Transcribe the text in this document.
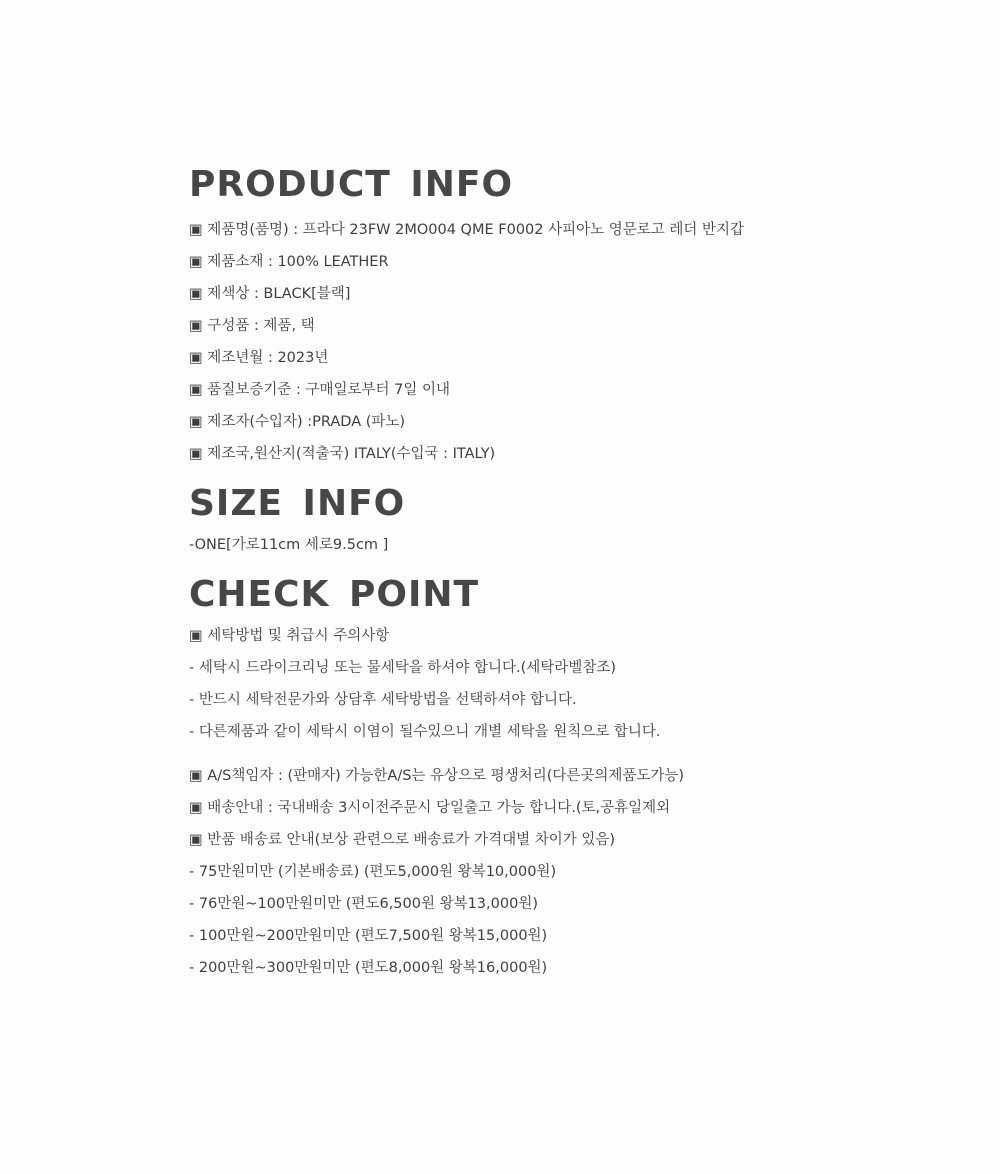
PRODUCT INFO
▣ 제품명(품명) : 프라다 23FW 2MO004 QME F0002 사피아노 영문로고 레더 반지갑
▣ 제품소재 : 100% LEATHER
▣ 제색상 : BLACK[블랙]
▣ 구성품 : 제품, 택
▣ 제조년월 : 2023년
▣ 품질보증기준 : 구매일로부터 7일 이내
▣ 제조자(수입자) :PRADA (파노)
▣ 제조국,원산지(적출국) ITALY(수입국 : ITALY)
SIZE INFO
-ONE[가로11cm 세로9.5cm ]
CHECK POINT
▣ 세탁방법 및 취급시 주의사항
- 세탁시 드라이크리닝 또는 물세탁을 하셔야 합니다.(세탁라벨참조)
- 반드시 세탁전문가와 상담후 세탁방법을 선택하셔야 합니다.
- 다른제품과 같이 세탁시 이염이 될수있으니 개별 세탁을 원칙으로 합니다.
▣ A/S책임자 : (판매자) 가능한A/S는 유상으로 평생처리(다른곳의제품도가능)
▣ 배송안내 : 국내배송 3시이전주문시 당일출고 가능 합니다.(토,공휴일제외
▣ 반품 배송료 안내(보상 관련으로 배송료가 가격대별 차이가 있음)
- 75만원미만 (기본배송료) (편도5,000원 왕복10,000원)
- 76만원~100만원미만 (편도6,500원 왕복13,000원)
- 100만원~200만원미만 (편도7,500원 왕복15,000원)
- 200만원~300만원미만 (편도8,000원 왕복16,000원)
